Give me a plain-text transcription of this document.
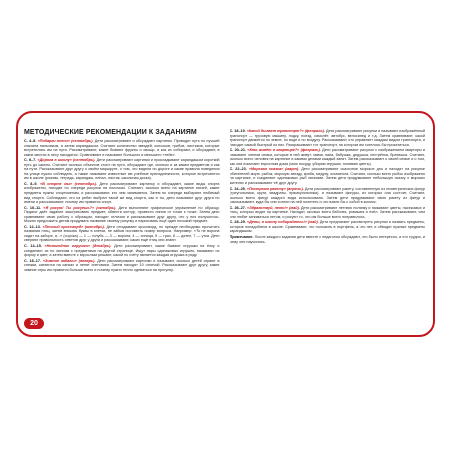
МЕТОДИЧЕСКИЕ РЕКОМЕНДАЦИИ К ЗАДАНИЯМ

С. 4–5. «Подарки осени» (сентябрь). Дети рассматривают и обсуждают картинки. Проводит путь по лучшей сначала пальчиком, а затем карандашом. Считают количество звездей, колосков, грибов, листиков, которые встретились им на пути. Рассматривают, какие бывают фрукты и овощи, и как их собирают, и обсуждают, в каких местах в лесу находятся. Сравнивают и называют большого и меньшего «тебя».

С. 6–7. «Дорога в школу» (сентябрь). Дети рассматривают картинки и прокладывают карандашом короткий путь до школы. Считают сколько объектов стоит на пути, обсуждают где, сколько и за каким предметом и как на пути. Рассказывают друг другу о своём маршруте, о том, что видели по дороге и какие правила поведения на улице нужно соблюдать, а также называют известные им учебные принадлежности, которые встречаются им в школе (рюкзак, тетрадь, карандаш, пенал, ластик, школьная доска).

С. 8–9. «В спорте мы» (сентябрь). Дети рассматривают картинку и обсуждают, какие виды спорта изображены, находят по очереди рисунки на полочках. Считают, сколько всего на картинке мячей, какие предметы нужны спортсменам, и рассказывают, кто чем занимается. Затем по очереди выбирают любимый вид спорта. Соблюдают, кто из ребят выбрал такой же вид спорта, как и ты, дети называют друг друга по имени и рассказывают, почему им нравится спорт.

С. 10–11. «Я рисую! Ты рисуешь?» (октябрь). Дети выполняют графическое упражнение по образцу. Педагог даёт задание заштриховать предмет, обвести контур, провести линии от точки к точке. Затем дети сравнивают свою работу с образцом, находят отличия и рассказывают друг другу, что у них получилось. Можно предложить детям придумать название своему рисунку и нарисовать ещё один похожий предмет.

С. 12–13. «Птичий кроссворд» (октябрь). Дети отгадывают кроссворд, но прежде необходимо прочитать названия птиц, затем вписать буквы в клетки, не забыв поставить номер вопроса. Например: «То не ворона сидит на заборе, а...» (сорока) — 1 — голубь — 3 — ворона, 4 — синица, 5 — грач, 6 — дятел, 7 — утка. Дети сверяют правильность ответов друг у друга и рассказывают, каких ещё птиц они знают.

С. 14–15. «Новогодние игрушки» (декабрь). Дети рассматривают, какие бывают игрушки на ёлку и соединяют их по линиям с предметами на другой странице. Ищут пары одинаковых игрушек, называют их форму и цвет, а затем вместе с взрослым решают, какой по счёту является каждая игрушка в ряду.

С. 16–17. «Зимние забавы» (январь). Дети рассматривают картинки и называют, сколько детей играют в снежки, катаются на санках и лепят снеговика. Затем находят 10 отличий. Рассказывают друг другу, какие зимние игры им нравятся больше всего и почему нужно тепло одеваться на прогулку.

С. 18–19. «Какой бывает транспорт?» (февраль). Дети рассматривают рисунки и называют изображённый транспорт — грузовую машину, лодку, поезд, самолёт, автобус, велосипед и т.д. Затем сравнивают, какой транспорт движется по земле, по воде и по воздуху. Рассказывают, кто управляет каждым видом транспорта, и находят самый быстрый из них. Раскрашивают тот транспорт, на котором им хотелось бы прокатиться.

С. 20–21. «Кто живёт в квартире?» (февраль). Дети рассматривают рисунок с изображением квартиры и называют членов семьи, которые в ней живут: мама, папа, бабушка, дедушка, сестрёнка, братишка. Считают, сколько всего человек на картинке и какими делами каждый занят. Затем рассказывают о своей семье и о том, как они помогают взрослым дома (мою посуду, убираю игрушки, поливаю цветы).

С. 22–23. «Морская сказка» (март). Дети рассматривают сказочное морское дно и находят на рисунке обитателей моря: рыбок, морскую звезду, краба, медузу, осьминога. Считают, сколько всего рыбок изображено на картинке, и соединяют одинаковых рыб линиями. Затем дети придумывают небольшую сказку о морских жителях и рассказывают её друг другу.

С. 24–25. «Построим ракету» (апрель). Дети рассматривают ракету, составленную из геометрических фигур (треугольники, круги, квадраты, прямоугольники), и называют фигуры, из которых она состоит. Считают, сколько всего фигур каждого вида использовано. Затем дети придумывают свою ракету из фигур и рассказывают, куда бы они хотели на ней полететь и что взяли бы с собой в космос.

С. 26–27. «Здравствуй, лето!» (май). Дети рассматривают летнюю полянку и называют цветы, насекомых и птиц, которых видят на картинке. Находят, сколько всего бабочек, ромашек и пчёл. Затем рассказывают, чем они любят заниматься летом, и рисуют то, что им больше всего понравилось.

С. 28–29. «Дети, в школу собирайтесь!» (май). Дети предлагают рассмотреть рисунки и назвать предметы, которые понадобятся в школе. Сравнивают, что положить в портфель, а что нет, и обводят нужные предметы карандашом.

Примечание. После каждого задания дети вместе с педагогом обсуждают, что было интересно, а что трудно, и чему они научились.

20
